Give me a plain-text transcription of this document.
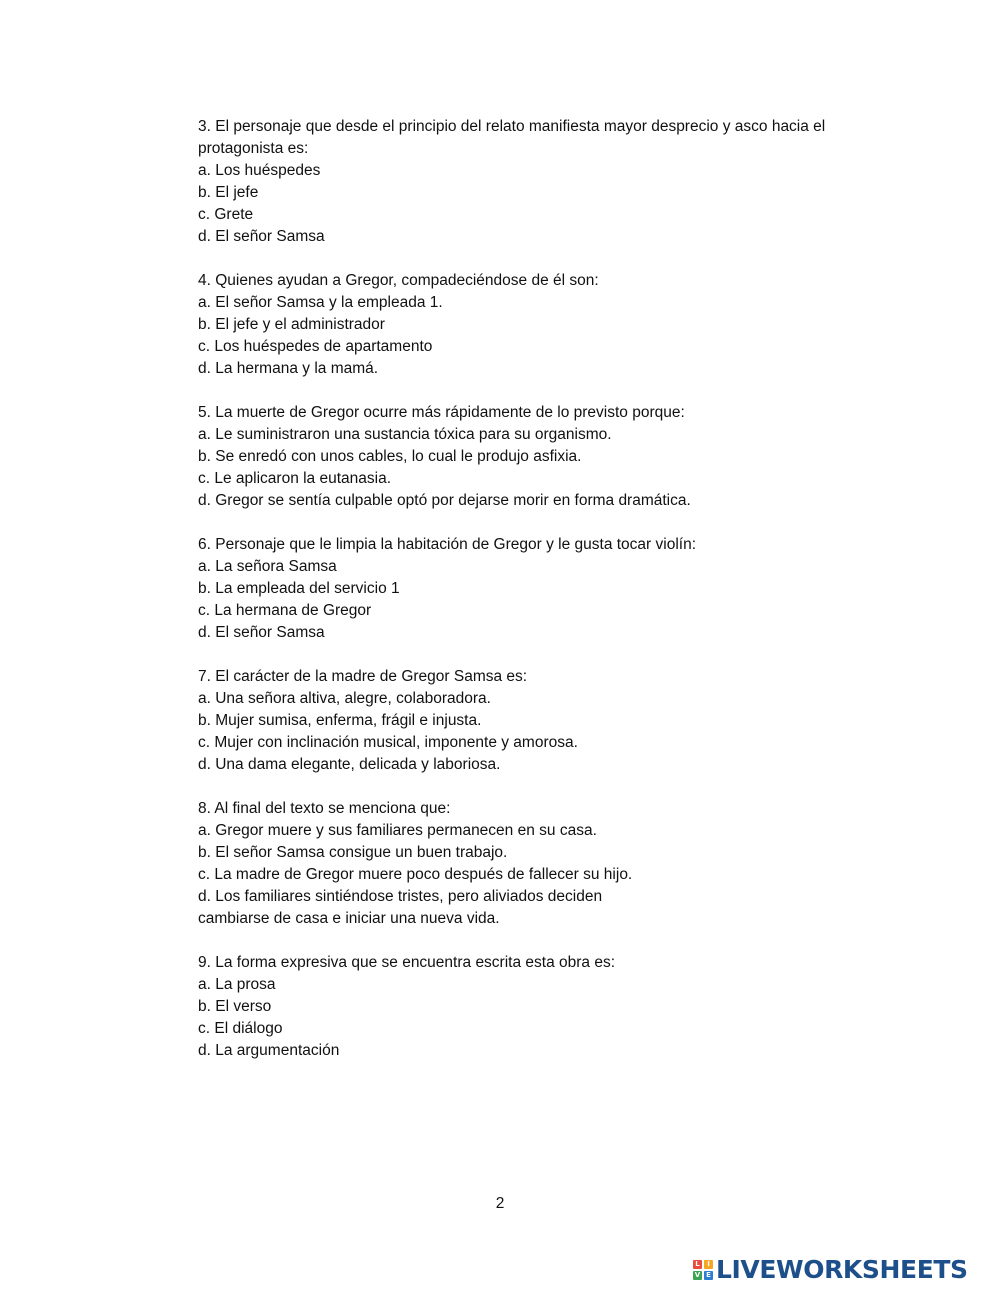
3. El personaje que desde el principio del relato manifiesta mayor desprecio y asco hacia el
protagonista es:
a. Los huéspedes
b. El jefe
c. Grete
d. El señor Samsa
4. Quienes ayudan a Gregor, compadeciéndose de él son:
a. El señor Samsa y la empleada 1.
b. El jefe y el administrador
c. Los huéspedes de apartamento
d. La hermana y la mamá.
5. La muerte de Gregor ocurre más rápidamente de lo previsto porque:
a. Le suministraron una sustancia tóxica para su organismo.
b. Se enredó con unos cables, lo cual le produjo asfixia.
c. Le aplicaron la eutanasia.
d. Gregor se sentía culpable optó por dejarse morir en forma dramática.
6. Personaje que le limpia la habitación de Gregor y le gusta tocar violín:
a. La señora Samsa
b. La empleada del servicio 1
c. La hermana de Gregor
d. El señor Samsa
7. El carácter de la madre de Gregor Samsa es:
a. Una señora altiva, alegre, colaboradora.
b. Mujer sumisa, enferma, frágil e injusta.
c. Mujer con inclinación musical, imponente y amorosa.
d. Una dama elegante, delicada y laboriosa.
8. Al final del texto se menciona que:
a. Gregor muere y sus familiares permanecen en su casa.
b. El señor Samsa consigue un buen trabajo.
c. La madre de Gregor muere poco después de fallecer su hijo.
d. Los familiares sintiéndose tristes, pero aliviados deciden
cambiarse de casa e iniciar una nueva vida.
9. La forma expresiva que se encuentra escrita esta obra es:
a. La prosa
b. El verso
c. El diálogo
d. La argumentación
2
L	I
V E LIVEWORKSHEETS
